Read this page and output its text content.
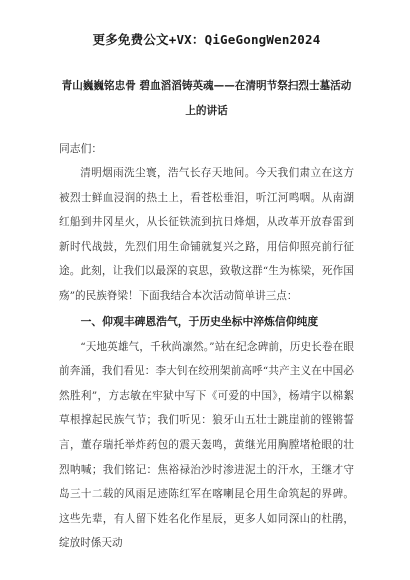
更多免费公文+VX：QiGeGongWen2024
青山巍巍铭忠骨 碧血滔滔铸英魂——在清明节祭扫烈士墓活动上的讲话

同志们：

清明烟雨洗尘寰，浩气长存天地间。今天我们肃立在这方被烈士鲜血浸润的热土上，看苍松垂泪，听江河鸣咽。从南湖红船到井冈星火，从长征铁流到抗日烽烟，从改革开放春雷到新时代战鼓，先烈们用生命铺就复兴之路，用信仰照亮前行征途。此刻，让我们以最深的哀思，致敬这群“生为栋梁，死作国殇”的民族脊梁！下面我结合本次活动简单讲三点：

一、仰观丰碑恩浩气，于历史坐标中淬炼信仰纯度

“天地英雄气，千秋尚凛然。”站在纪念碑前，历史长卷在眼前奔涌，我们看见：李大钊在绞刑架前高呼“共产主义在中国必然胜利”，方志敏在牢狱中写下《可爱的中国》，杨靖宇以棉絮草根撑起民族气节；我们听见：狼牙山五壮士跳崖前的铿锵誓言，董存瑞托举炸药包的震天轰鸣，黄继光用胸膛堵枪眼的壮烈呐喊；我们铭记：焦裕禄治沙时渗进泥土的汗水，王继才守岛三十二载的风雨足迹陈红军在喀喇昆仑用生命筑起的界碑。这些先辈，有人留下姓名化作星辰，更多人如同深山的杜鹃，绽放时係天动
